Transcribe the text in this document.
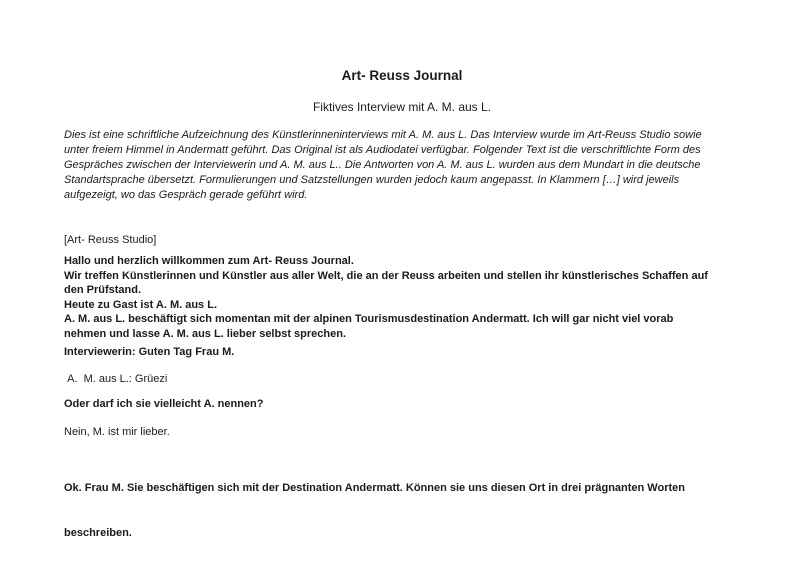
Art- Reuss Journal
Fiktives Interview mit A. M. aus L.
Dies ist eine schriftliche Aufzeichnung des Künstlerinneninterviews mit A. M. aus L. Das Interview wurde im Art-Reuss Studio sowie
unter freiem Himmel in Andermatt geführt. Das Original ist als Audiodatei verfügbar. Folgender Text ist die verschriftlichte Form des
Gespräches zwischen der Interviewerin und A. M. aus L.. Die Antworten von A. M. aus L. wurden aus dem Mundart in die deutsche
Standartsprache übersetzt. Formulierungen und Satzstellungen wurden jedoch kaum angepasst. In Klammern […] wird jeweils
aufgezeigt, wo das Gespräch gerade geführt wird.
[Art- Reuss Studio]
Hallo und herzlich willkommen zum Art- Reuss Journal.
Wir treffen Künstlerinnen und Künstler aus aller Welt, die an der Reuss arbeiten und stellen ihr künstlerisches Schaffen auf
den Prüfstand.
Heute zu Gast ist A. M. aus L.
A. M. aus L. beschäftigt sich momentan mit der alpinen Tourismusdestination Andermatt. Ich will gar nicht viel vorab
nehmen und lasse A. M. aus L. lieber selbst sprechen.
Interviewerin: Guten Tag Frau M.
A.  M. aus L.: Grüezi
Oder darf ich sie vielleicht A. nennen?
Nein, M. ist mir lieber.

Ok. Frau M. Sie beschäftigen sich mit der Destination Andermatt. Können sie uns diesen Ort in drei prägnanten Worten

beschreiben.
